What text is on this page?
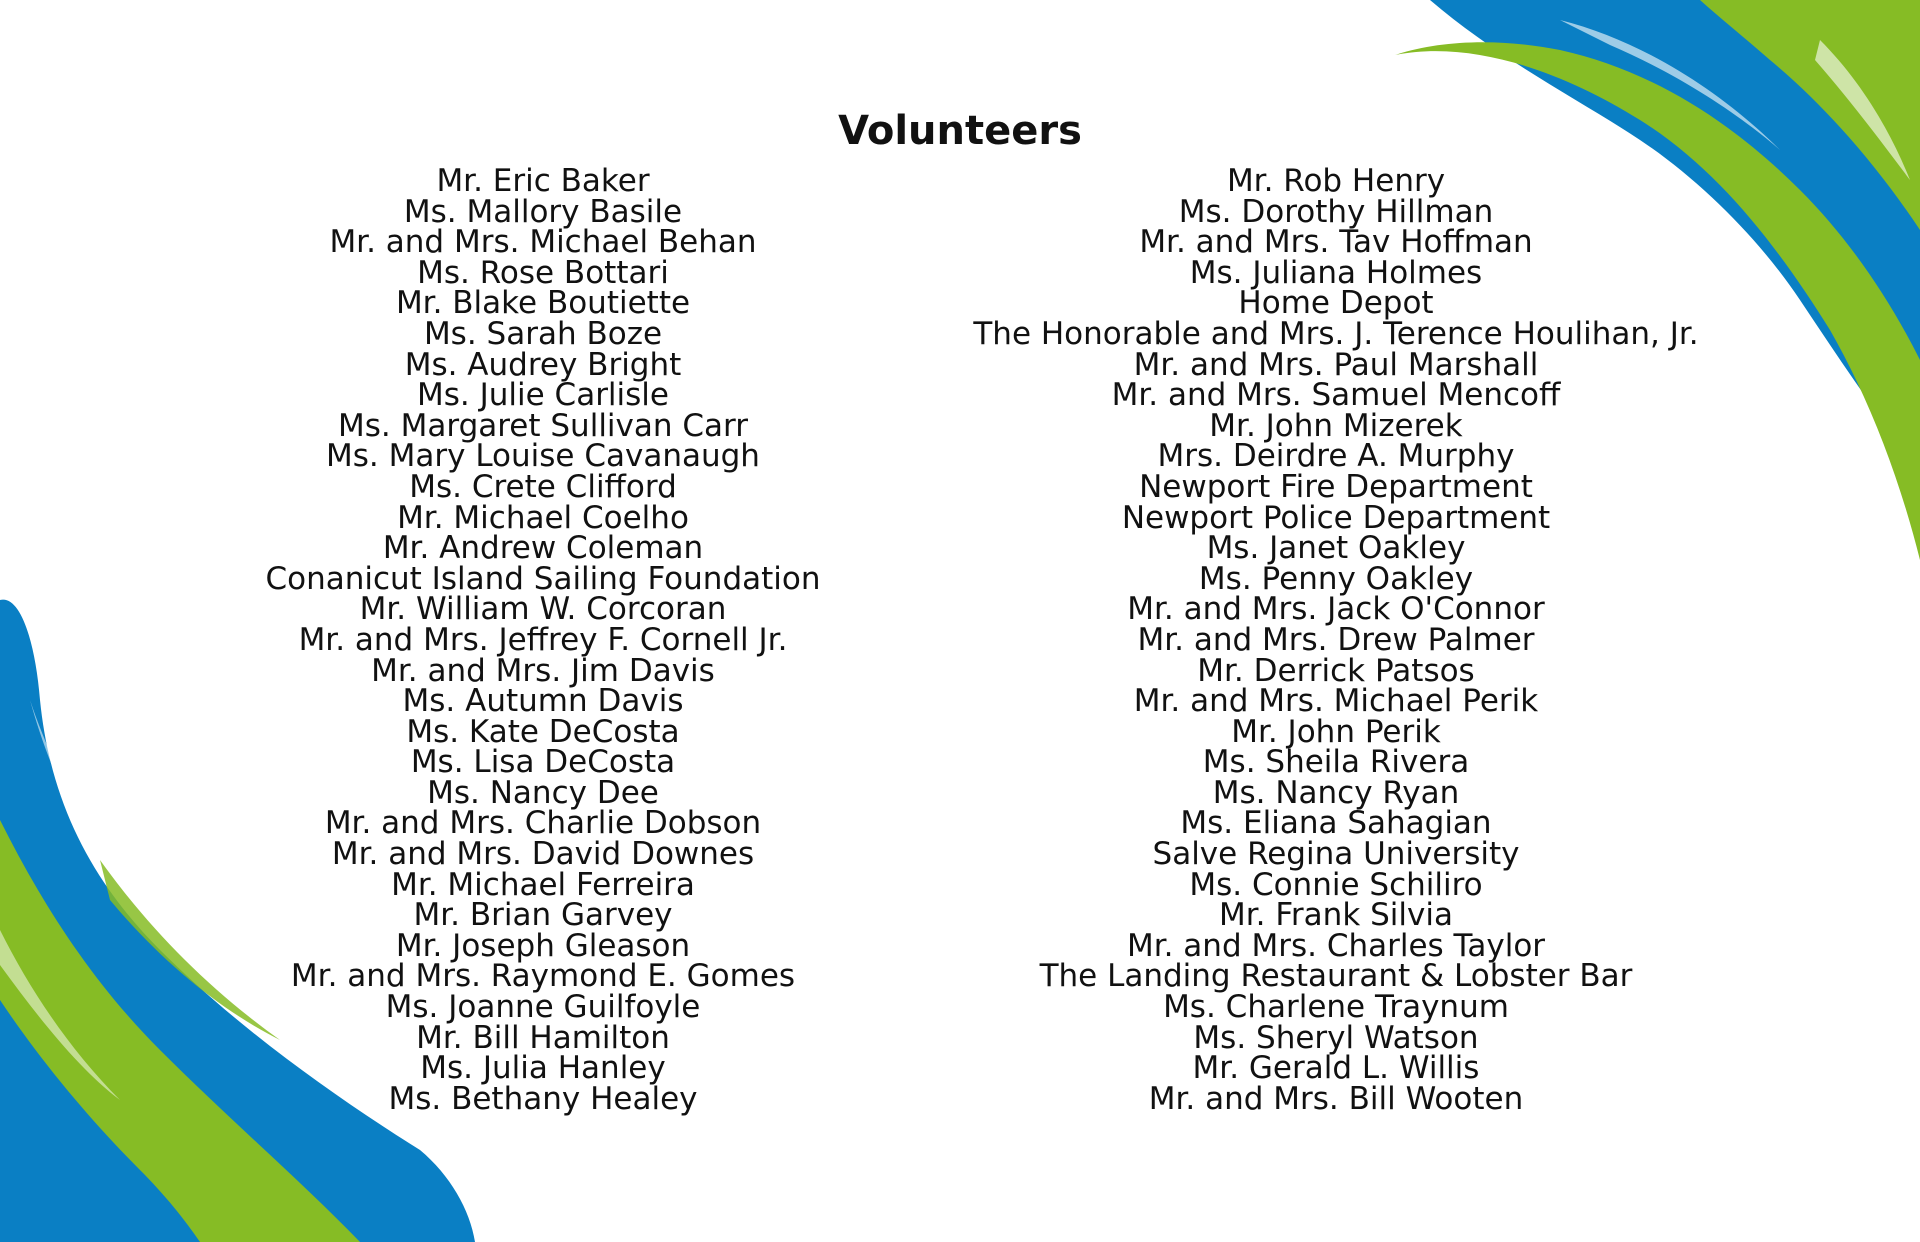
Volunteers
Mr. Eric Baker
Ms. Mallory Basile
Mr. and Mrs. Michael Behan
Ms. Rose Bottari
Mr. Blake Boutiette
Ms. Sarah Boze
Ms. Audrey Bright
Ms. Julie Carlisle
Ms. Margaret Sullivan Carr
Ms. Mary Louise Cavanaugh
Ms. Crete Clifford
Mr. Michael Coelho
Mr. Andrew Coleman
Conanicut Island Sailing Foundation
Mr. William W. Corcoran
Mr. and Mrs. Jeffrey F. Cornell Jr.
Mr. and Mrs. Jim Davis
Ms. Autumn Davis
Ms. Kate DeCosta
Ms. Lisa DeCosta
Ms. Nancy Dee
Mr. and Mrs. Charlie Dobson
Mr. and Mrs. David Downes
Mr. Michael Ferreira
Mr. Brian Garvey
Mr. Joseph Gleason
Mr. and Mrs. Raymond E. Gomes
Ms. Joanne Guilfoyle
Mr. Bill Hamilton
Ms. Julia Hanley
Ms. Bethany Healey
Mr. Rob Henry
Ms. Dorothy Hillman
Mr. and Mrs. Tav Hoffman
Ms. Juliana Holmes
Home Depot
The Honorable and Mrs. J. Terence Houlihan, Jr.
Mr. and Mrs. Paul Marshall
Mr. and Mrs. Samuel Mencoff
Mr. John Mizerek
Mrs. Deirdre A. Murphy
Newport Fire Department
Newport Police Department
Ms. Janet Oakley
Ms. Penny Oakley
Mr. and Mrs. Jack O'Connor
Mr. and Mrs. Drew Palmer
Mr. Derrick Patsos
Mr. and Mrs. Michael Perik
Mr. John Perik
Ms. Sheila Rivera
Ms. Nancy Ryan
Ms. Eliana Sahagian
Salve Regina University
Ms. Connie Schiliro
Mr. Frank Silvia
Mr. and Mrs. Charles Taylor
The Landing Restaurant & Lobster Bar
Ms. Charlene Traynum
Ms. Sheryl Watson
Mr. Gerald L. Willis
Mr. and Mrs. Bill Wooten
